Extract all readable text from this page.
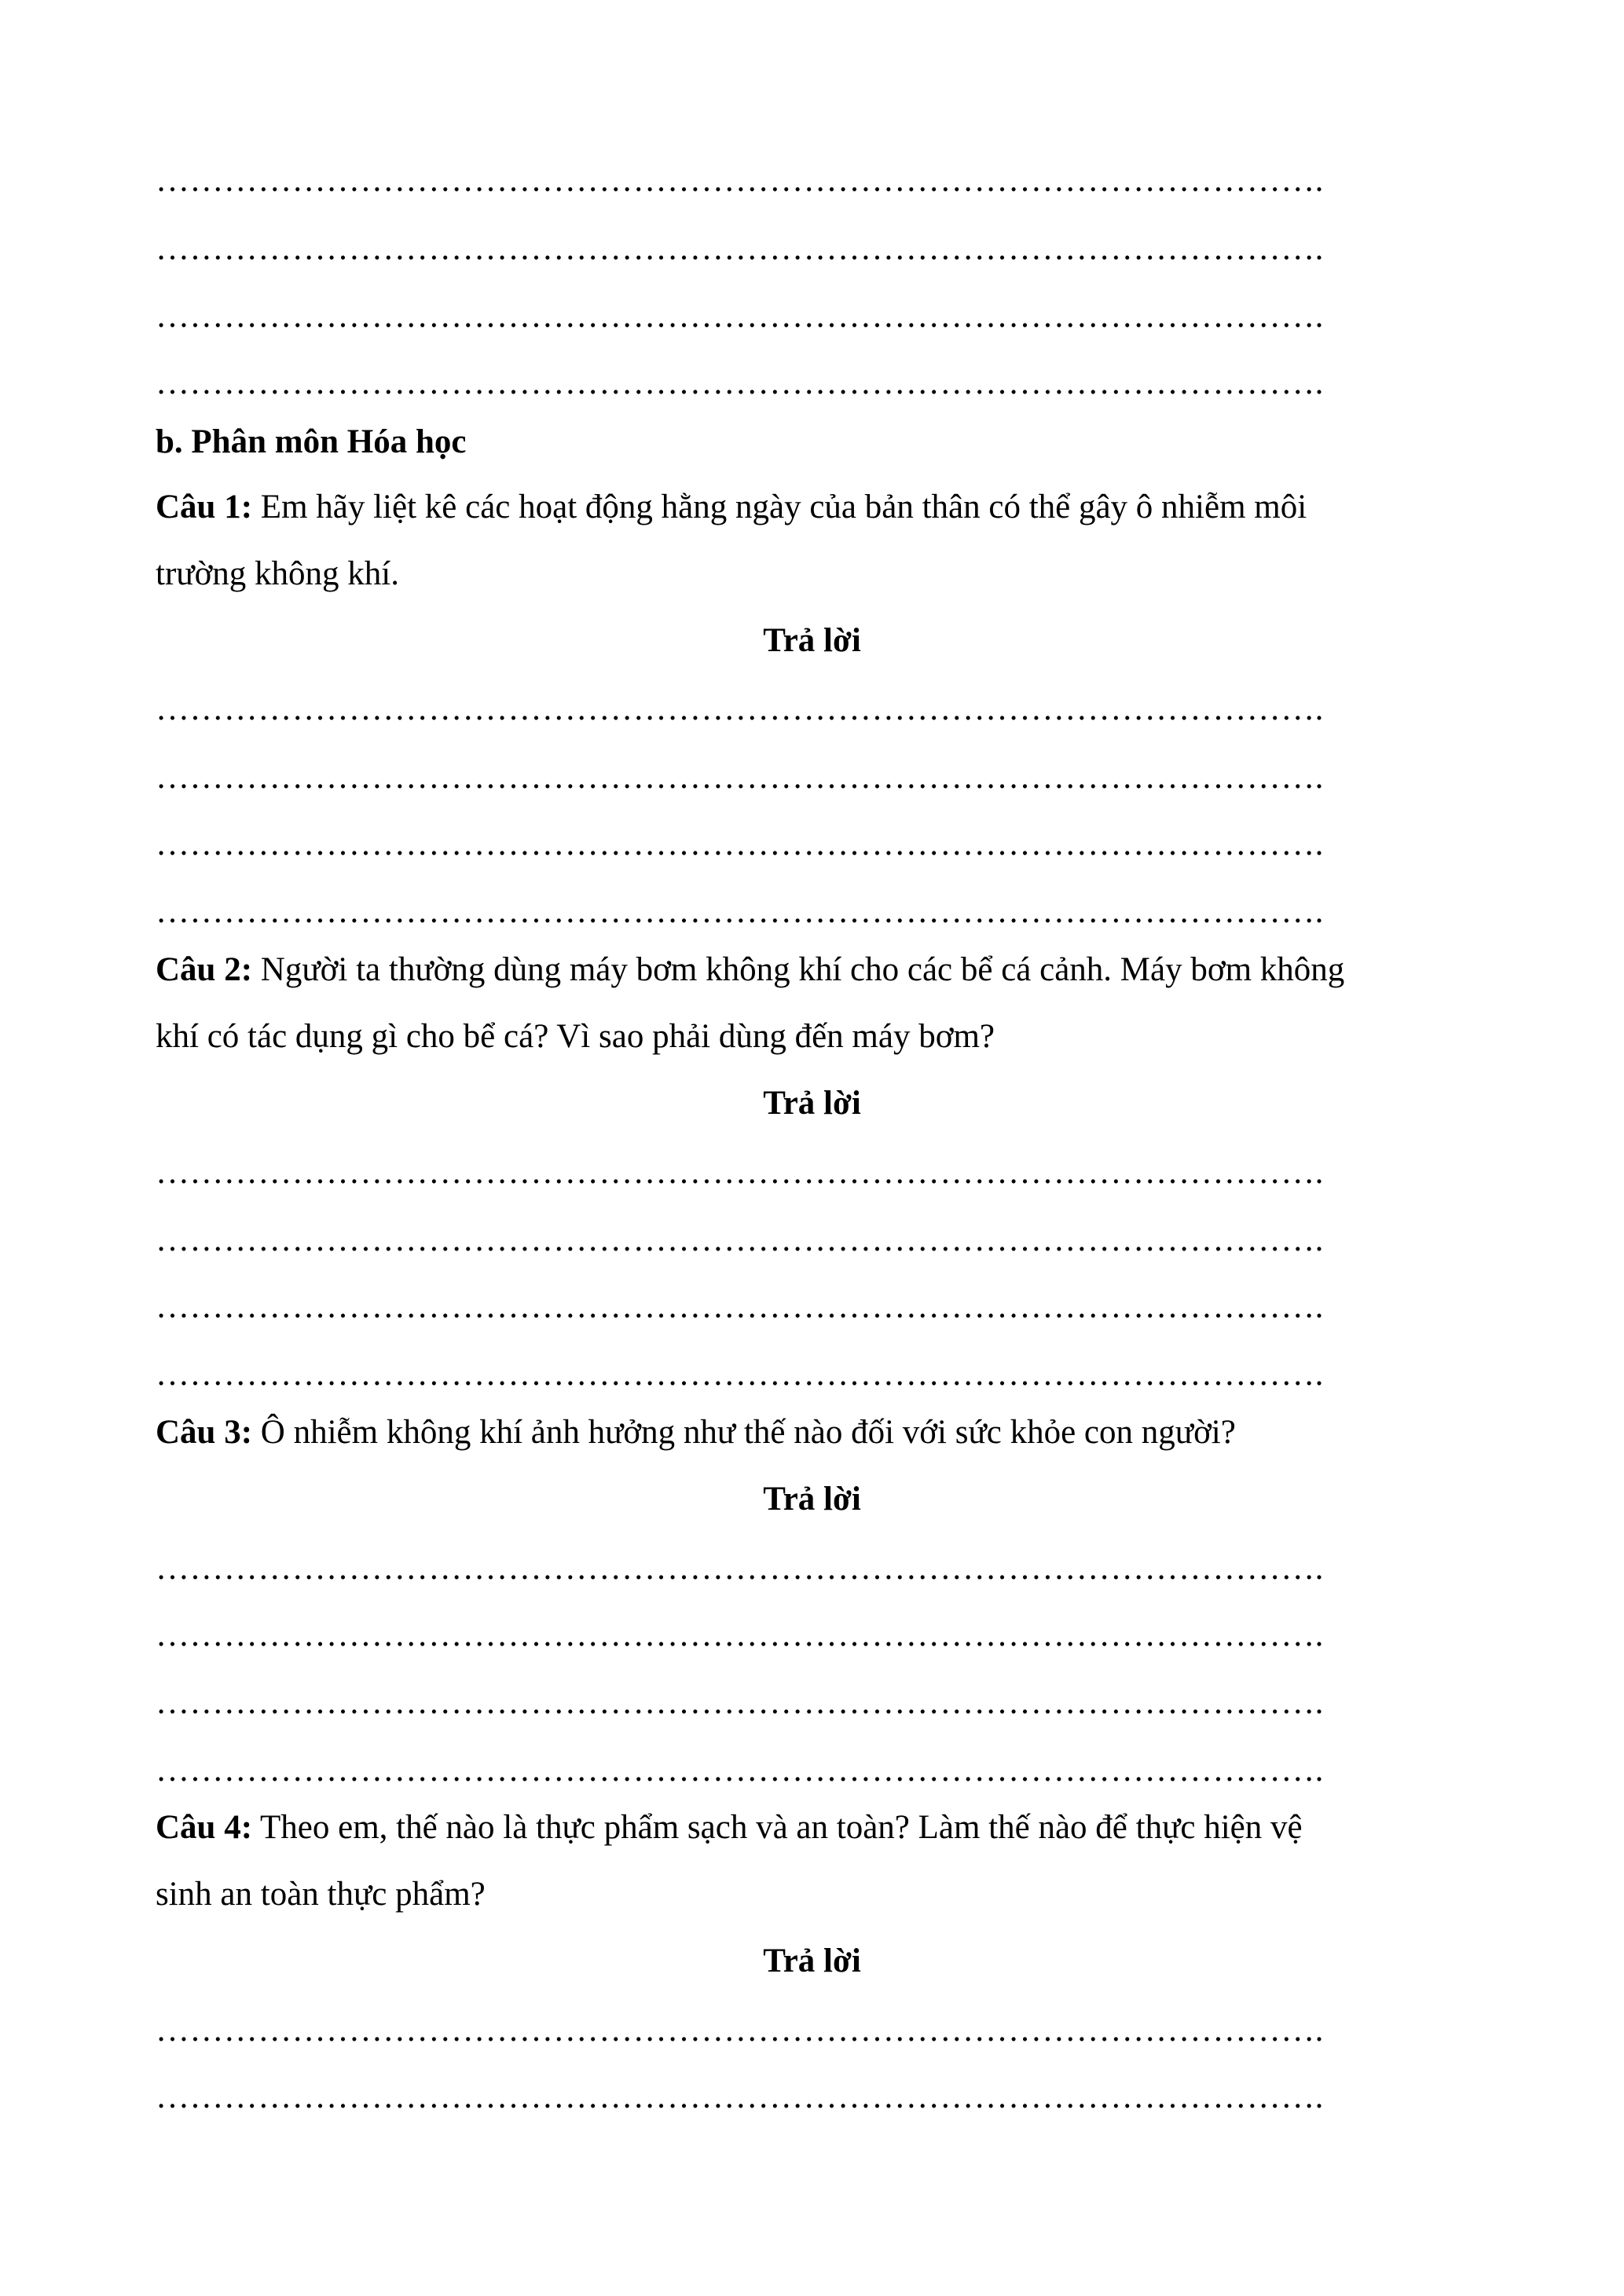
………………………………………………………………………………………….
………………………………………………………………………………………….
………………………………………………………………………………………….
………………………………………………………………………………………….
b. Phân môn Hóa học
Câu 1: Em hãy liệt kê các hoạt động hằng ngày của bản thân có thể gây ô nhiễm môi
trường không khí.
Trả lời
………………………………………………………………………………………….
………………………………………………………………………………………….
………………………………………………………………………………………….
………………………………………………………………………………………….
Câu 2: Người ta thường dùng máy bơm không khí cho các bể cá cảnh. Máy bơm không
khí có tác dụng gì cho bể cá? Vì sao phải dùng đến máy bơm?
Trả lời
………………………………………………………………………………………….
………………………………………………………………………………………….
………………………………………………………………………………………….
………………………………………………………………………………………….
Câu 3: Ô nhiễm không khí ảnh hưởng như thế nào đối với sức khỏe con người?
Trả lời
………………………………………………………………………………………….
………………………………………………………………………………………….
………………………………………………………………………………………….
………………………………………………………………………………………….
Câu 4: Theo em, thế nào là thực phẩm sạch và an toàn? Làm thế nào để thực hiện vệ
sinh an toàn thực phẩm?
Trả lời
………………………………………………………………………………………….
………………………………………………………………………………………….
